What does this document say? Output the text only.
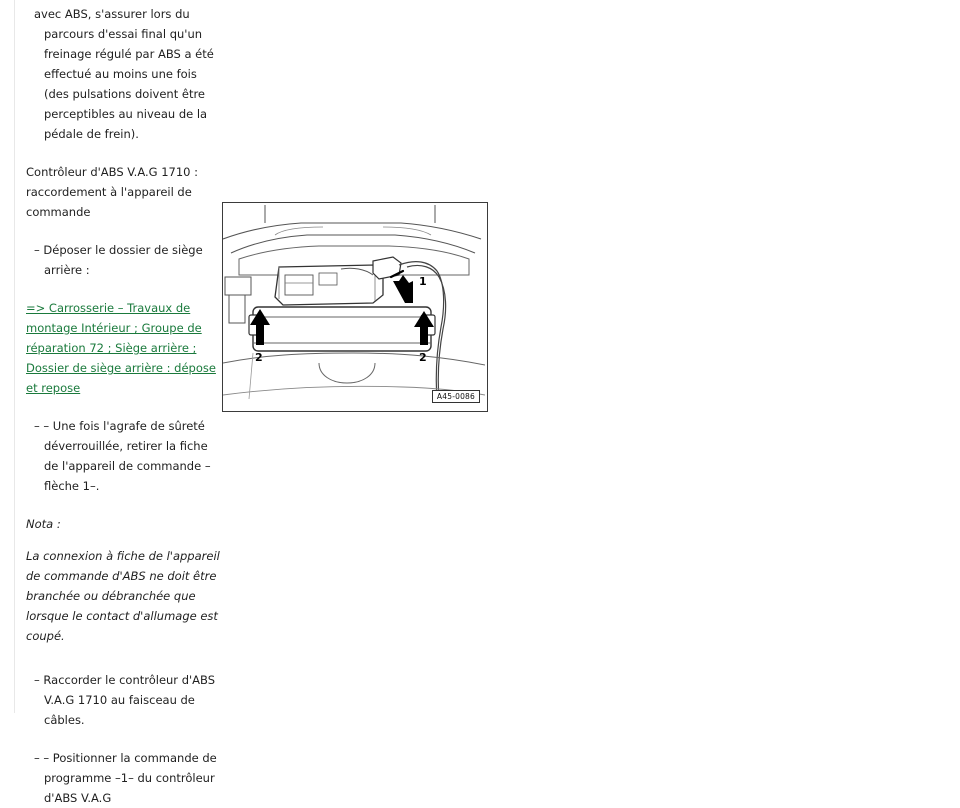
avec ABS, s'assurer lors du parcours d'essai final qu'un freinage régulé par ABS a été effectué au moins une fois (des pulsations doivent être perceptibles au niveau de la pédale de frein).

Contrôleur d'ABS V.A.G 1710 : raccordement à l'appareil de commande

– Déposer le dossier de siège arrière :

=> Carrosserie – Travaux de montage Intérieur ; Groupe de réparation 72 ; Siège arrière ; Dossier de siège arrière : dépose et repose

– – Une fois l'agrafe de sûreté déverrouillée, retirer la fiche de l'appareil de commande –flèche 1–.

Nota :

La connexion à fiche de l'appareil de commande d'ABS ne doit être branchée ou débranchée que lorsque le contact d'allumage est coupé.

– Raccorder le contrôleur d'ABS V.A.G 1710 au faisceau de câbles.

– – Positionner la commande de programme –1– du contrôleur d'ABS V.A.G

1
2	2
A45-0086
